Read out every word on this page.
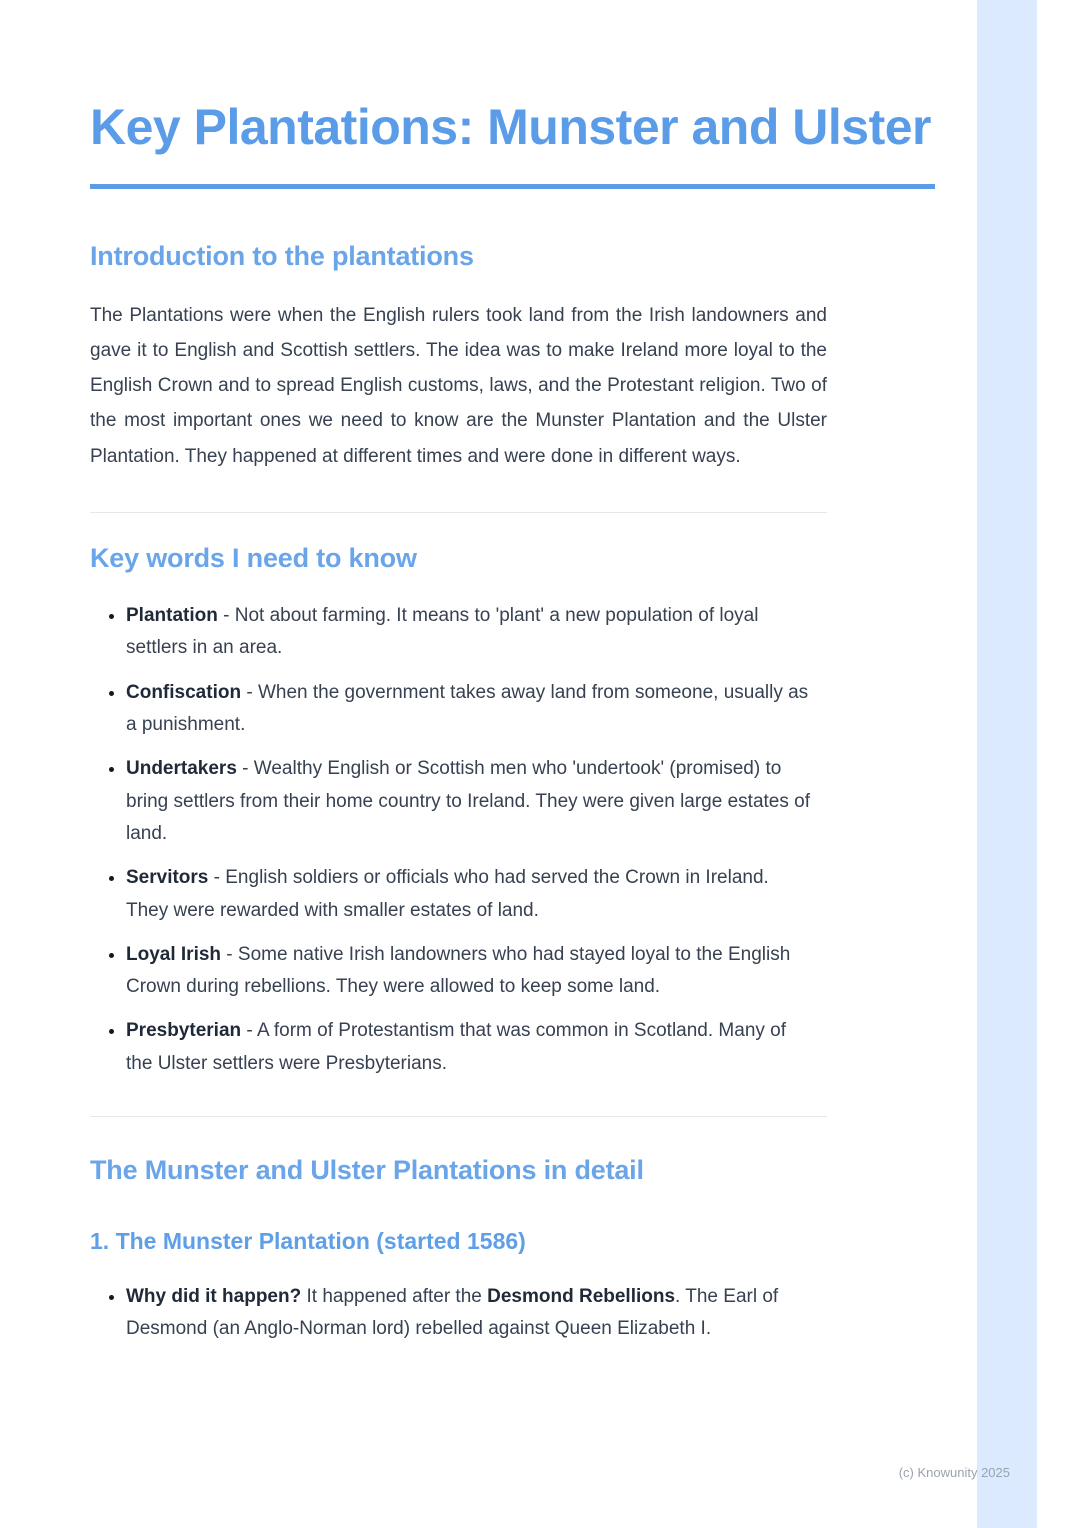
Key Plantations: Munster and Ulster
Introduction to the plantations

The Plantations were when the English rulers took land from the Irish landowners and gave it to English and Scottish settlers. The idea was to make Ireland more loyal to the English Crown and to spread English customs, laws, and the Protestant religion. Two of the most important ones we need to know are the Munster Plantation and the Ulster Plantation. They happened at different times and were done in different ways.

Key words I need to know
• Plantation - Not about farming. It means to 'plant' a new population of loyal settlers in an area.
• Confiscation - When the government takes away land from someone, usually as a punishment.
• Undertakers - Wealthy English or Scottish men who 'undertook' (promised) to bring settlers from their home country to Ireland. They were given large estates of land.
• Servitors - English soldiers or officials who had served the Crown in Ireland. They were rewarded with smaller estates of land.
• Loyal Irish - Some native Irish landowners who had stayed loyal to the English Crown during rebellions. They were allowed to keep some land.
• Presbyterian - A form of Protestantism that was common in Scotland. Many of the Ulster settlers were Presbyterians.
The Munster and Ulster Plantations in detail
1. The Munster Plantation (started 1586)
• Why did it happen? It happened after the Desmond Rebellions. The Earl of Desmond (an Anglo-Norman lord) rebelled against Queen Elizabeth I.
(c) Knowunity 2025
